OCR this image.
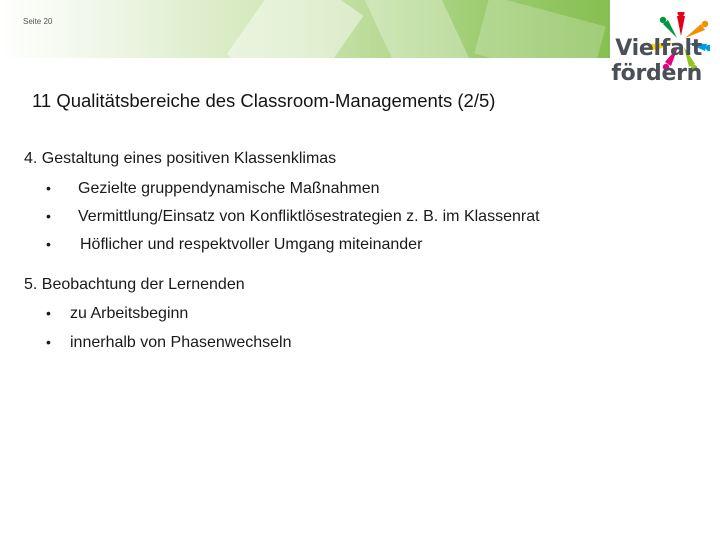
Seite 20
Vielfalt
fördern
11 Qualitätsbereiche des Classroom-Managements (2/5)
4. Gestaltung eines positiven Klassenklimas
• Gezielte gruppendynamische Maßnahmen
• Vermittlung/Einsatz von Konfliktlösestrategien z. B. im Klassenrat
• Höflicher und respektvoller Umgang miteinander
5. Beobachtung der Lernenden
• zu Arbeitsbeginn
• innerhalb von Phasenwechseln
